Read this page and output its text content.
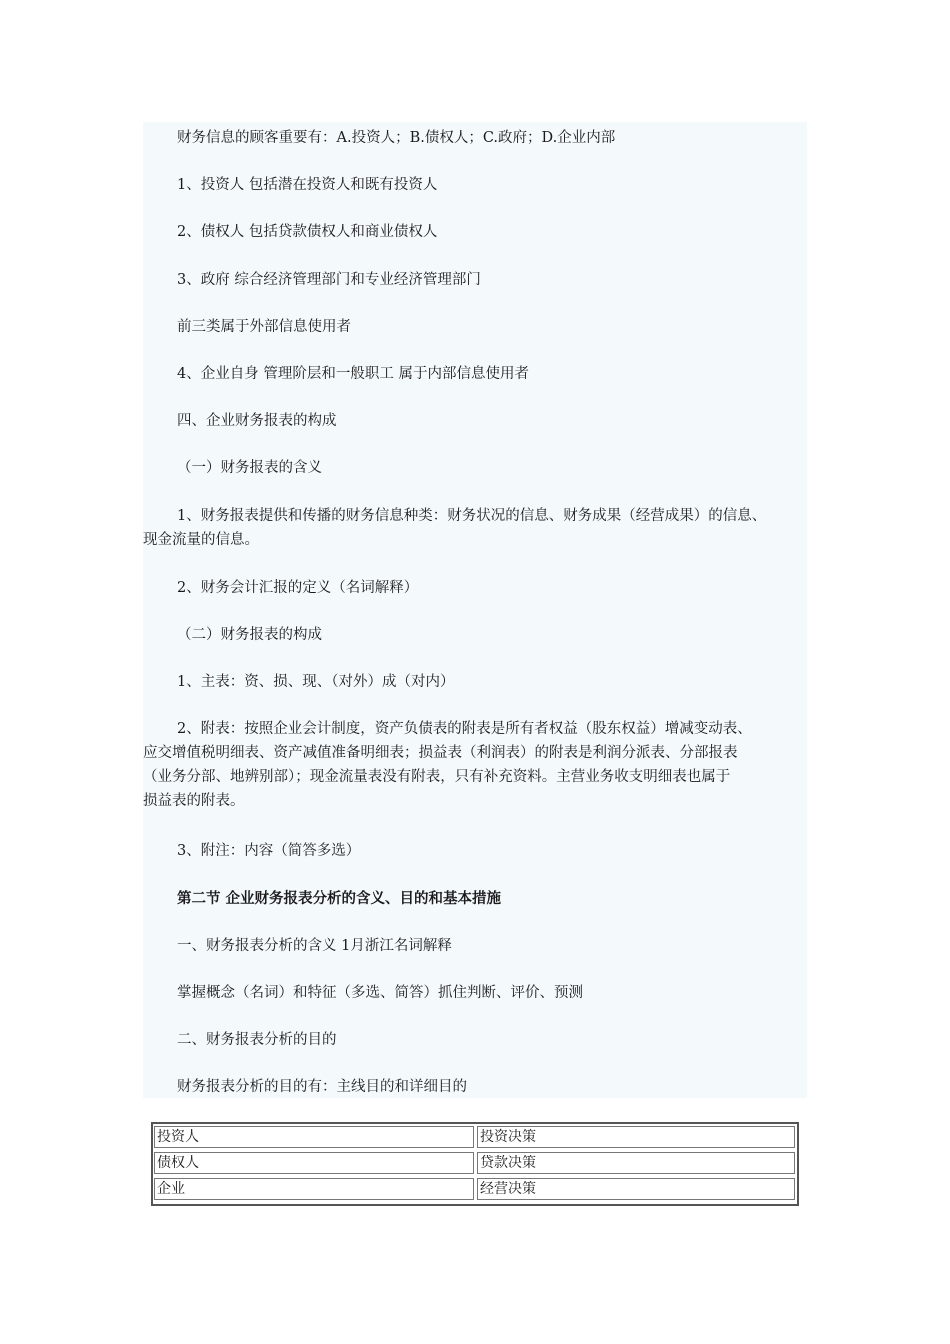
财务信息的顾客重要有：A.投资人；B.债权人；C.政府；D.企业内部

1、投资人 包括潜在投资人和既有投资人

2、债权人 包括贷款债权人和商业债权人

3、政府 综合经济管理部门和专业经济管理部门

前三类属于外部信息使用者

4、企业自身 管理阶层和一般职工 属于内部信息使用者

四、企业财务报表的构成

（一）财务报表的含义

1、财务报表提供和传播的财务信息种类：财务状况的信息、财务成果（经营成果）的信息、
现金流量的信息。

2、财务会计汇报的定义（名词解释）

（二）财务报表的构成

1、主表：资、损、现、（对外）成（对内）

2、附表：按照企业会计制度，资产负债表的附表是所有者权益（股东权益）增减变动表、
应交增值税明细表、资产减值准备明细表；损益表（利润表）的附表是利润分派表、分部报表
（业务分部、地辨别部）；现金流量表没有附表，只有补充资料。主营业务收支明细表也属于
损益表的附表。

3、附注：内容（简答多选）

第二节 企业财务报表分析的含义、目的和基本措施

一、财务报表分析的含义 1月浙江名词解释

掌握概念（名词）和特征（多选、简答）抓住判断、评价、预测

二、财务报表分析的目的

财务报表分析的目的有：主线目的和详细目的

投资人	投资决策
债权人	贷款决策
企业	经营决策
